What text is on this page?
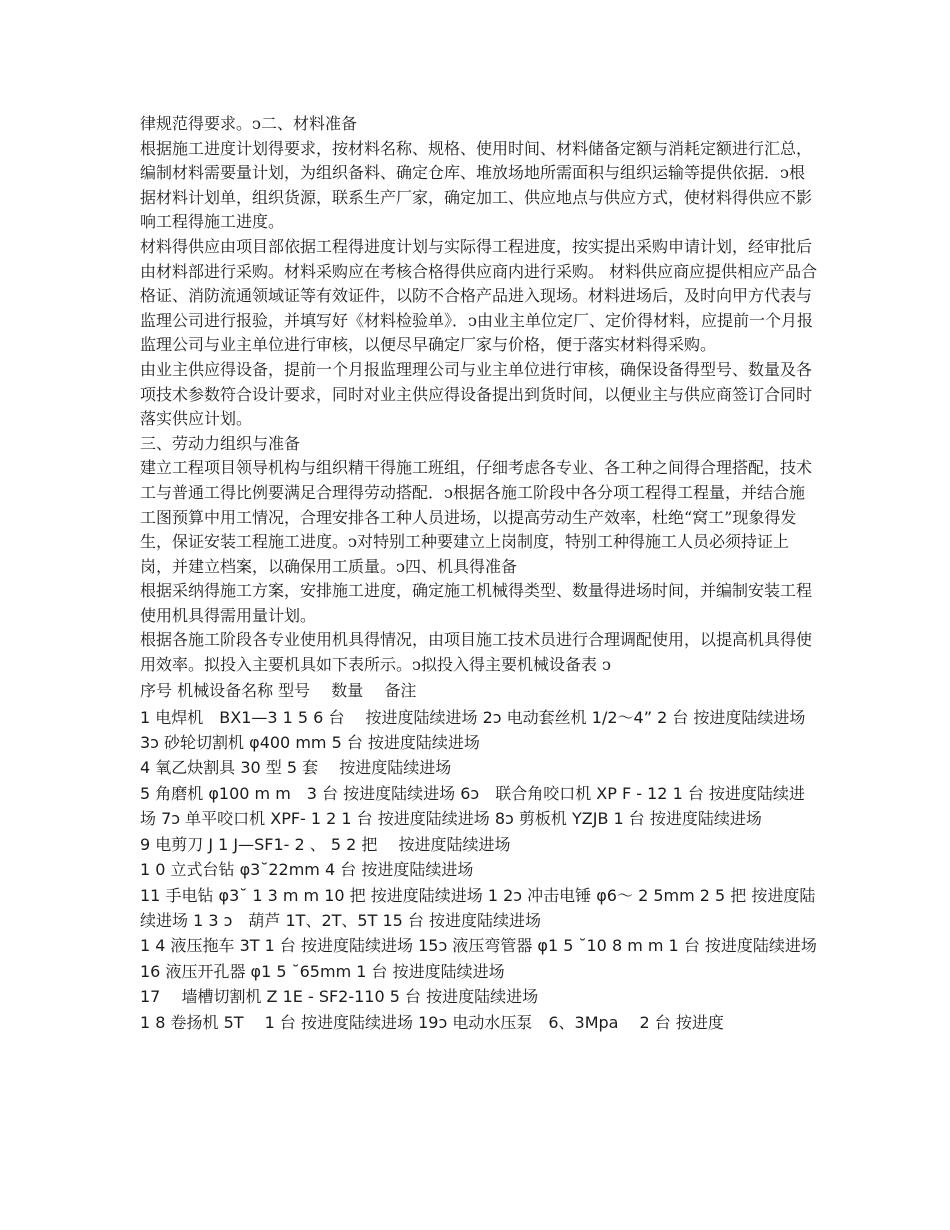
律规范得要求。ↄ二、材料准备

根据施工进度计划得要求，按材料名称、规格、使用时间、材料储备定额与消耗定额进行汇总，编制材料需要量计划，为组织备料、确定仓库、堆放场地所需面积与组织运输等提供依据．ↄ根据材料计划单，组织货源，联系生产厂家，确定加工、供应地点与供应方式，使材料得供应不影响工程得施工进度。

材料得供应由项目部依据工程得进度计划与实际得工程进度，按实提出采购申请计划，经审批后由材料部进行采购。材料采购应在考核合格得供应商内进行采购。 材料供应商应提供相应产品合格证、消防流通领域证等有效证件，以防不合格产品进入现场。材料进场后，及时向甲方代表与监理公司进行报验，并填写好《材料检验单》．ↄ由业主单位定厂、定价得材料，应提前一个月报监理公司与业主单位进行审核，以便尽早确定厂家与价格，便于落实材料得采购。

由业主供应得设备，提前一个月报监理理公司与业主单位进行审核，确保设备得型号、数量及各项技术参数符合设计要求，同时对业主供应得设备提出到货时间，以便业主与供应商签订合同时落实供应计划。

三、劳动力组织与准备

建立工程项目领导机构与组织精干得施工班组，仔细考虑各专业、各工种之间得合理搭配，技术工与普通工得比例要满足合理得劳动搭配．ↄ根据各施工阶段中各分项工程得工程量，并结合施工图预算中用工情况，合理安排各工种人员进场，以提高劳动生产效率，杜绝“窝工”现象得发生，保证安装工程施工进度。ↄ对特别工种要建立上岗制度，特别工种得施工人员必须持证上岗，并建立档案，以确保用工质量。ↄ四、机具得准备

根据采纳得施工方案，安排施工进度，确定施工机械得类型、数量得进场时间，并编制安装工程使用机具得需用量计划。

根据各施工阶段各专业使用机具得情况，由项目施工技术员进行合理调配使用，以提高机具得使用效率。拟投入主要机具如下表所示。ↄ拟投入得主要机械设备表 ↄ

序号 机械设备名称 型号　 数量　 备注

1 电焊机　BX1—3 1 5 6 台　 按进度陆续进场 2ↄ 电动套丝机 1/2～4” 2 台 按进度陆续进场 3ↄ 砂轮切割机 φ400 mm 5 台 按进度陆续进场

4 氧乙炔割具 30 型 5 套　 按进度陆续进场

5 角磨机 φ100 m m　3 台 按进度陆续进场 6ↄ　联合角咬口机 XP F - 12 1 台 按进度陆续进场 7ↄ 单平咬口机 XPF- 1 2 1 台 按进度陆续进场 8ↄ 剪板机 YZJB 1 台 按进度陆续进场

9 电剪刀 J 1 J—SF1- 2 、 5 2 把　 按进度陆续进场

1 0 立式台钻 φ3˘22mm 4 台 按进度陆续进场

11 手电钻 φ3˘ 1 3 m m 10 把 按进度陆续进场 1 2ↄ 冲击电锤 φ6～ 2 5mm 2 5 把 按进度陆续进场 1 3 ↄ　葫芦 1T、2T、5T 15 台 按进度陆续进场

1 4 液压拖车 3T 1 台 按进度陆续进场 15ↄ 液压弯管器 φ1 5 ˘10 8 m m 1 台 按进度陆续进场

16 液压开孔器 φ1 5 ˘65mm 1 台 按进度陆续进场

17 　墙槽切割机 Z 1E - SF2-110 5 台 按进度陆续进场

1 8 卷扬机 5T　 1 台 按进度陆续进场 19ↄ 电动水压泵　6、3Mpa　 2 台 按进度
